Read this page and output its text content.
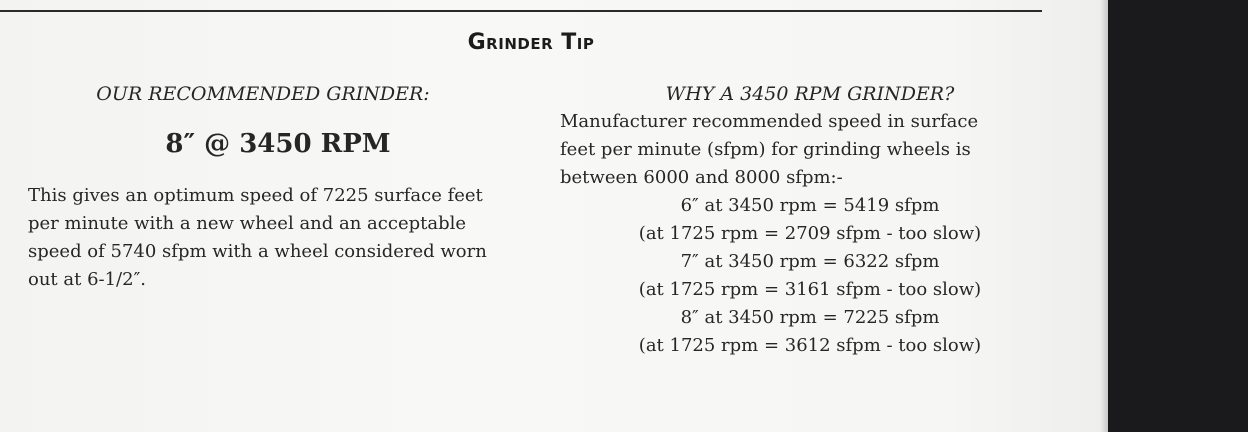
Grinder Tip
OUR RECOMMENDED GRINDER:
8″ @ 3450 RPM
This gives an optimum speed of 7225 surface feet
per minute with a new wheel and an acceptable
speed of 5740 sfpm with a wheel considered worn
out at 6-1/2″.
WHY A 3450 RPM GRINDER?
Manufacturer recommended speed in surface
feet per minute (sfpm) for grinding wheels is
between 6000 and 8000 sfpm:-
6″ at 3450 rpm = 5419 sfpm
(at 1725 rpm = 2709 sfpm - too slow)
7″ at 3450 rpm = 6322 sfpm
(at 1725 rpm = 3161 sfpm - too slow)
8″ at 3450 rpm = 7225 sfpm
(at 1725 rpm = 3612 sfpm - too slow)
